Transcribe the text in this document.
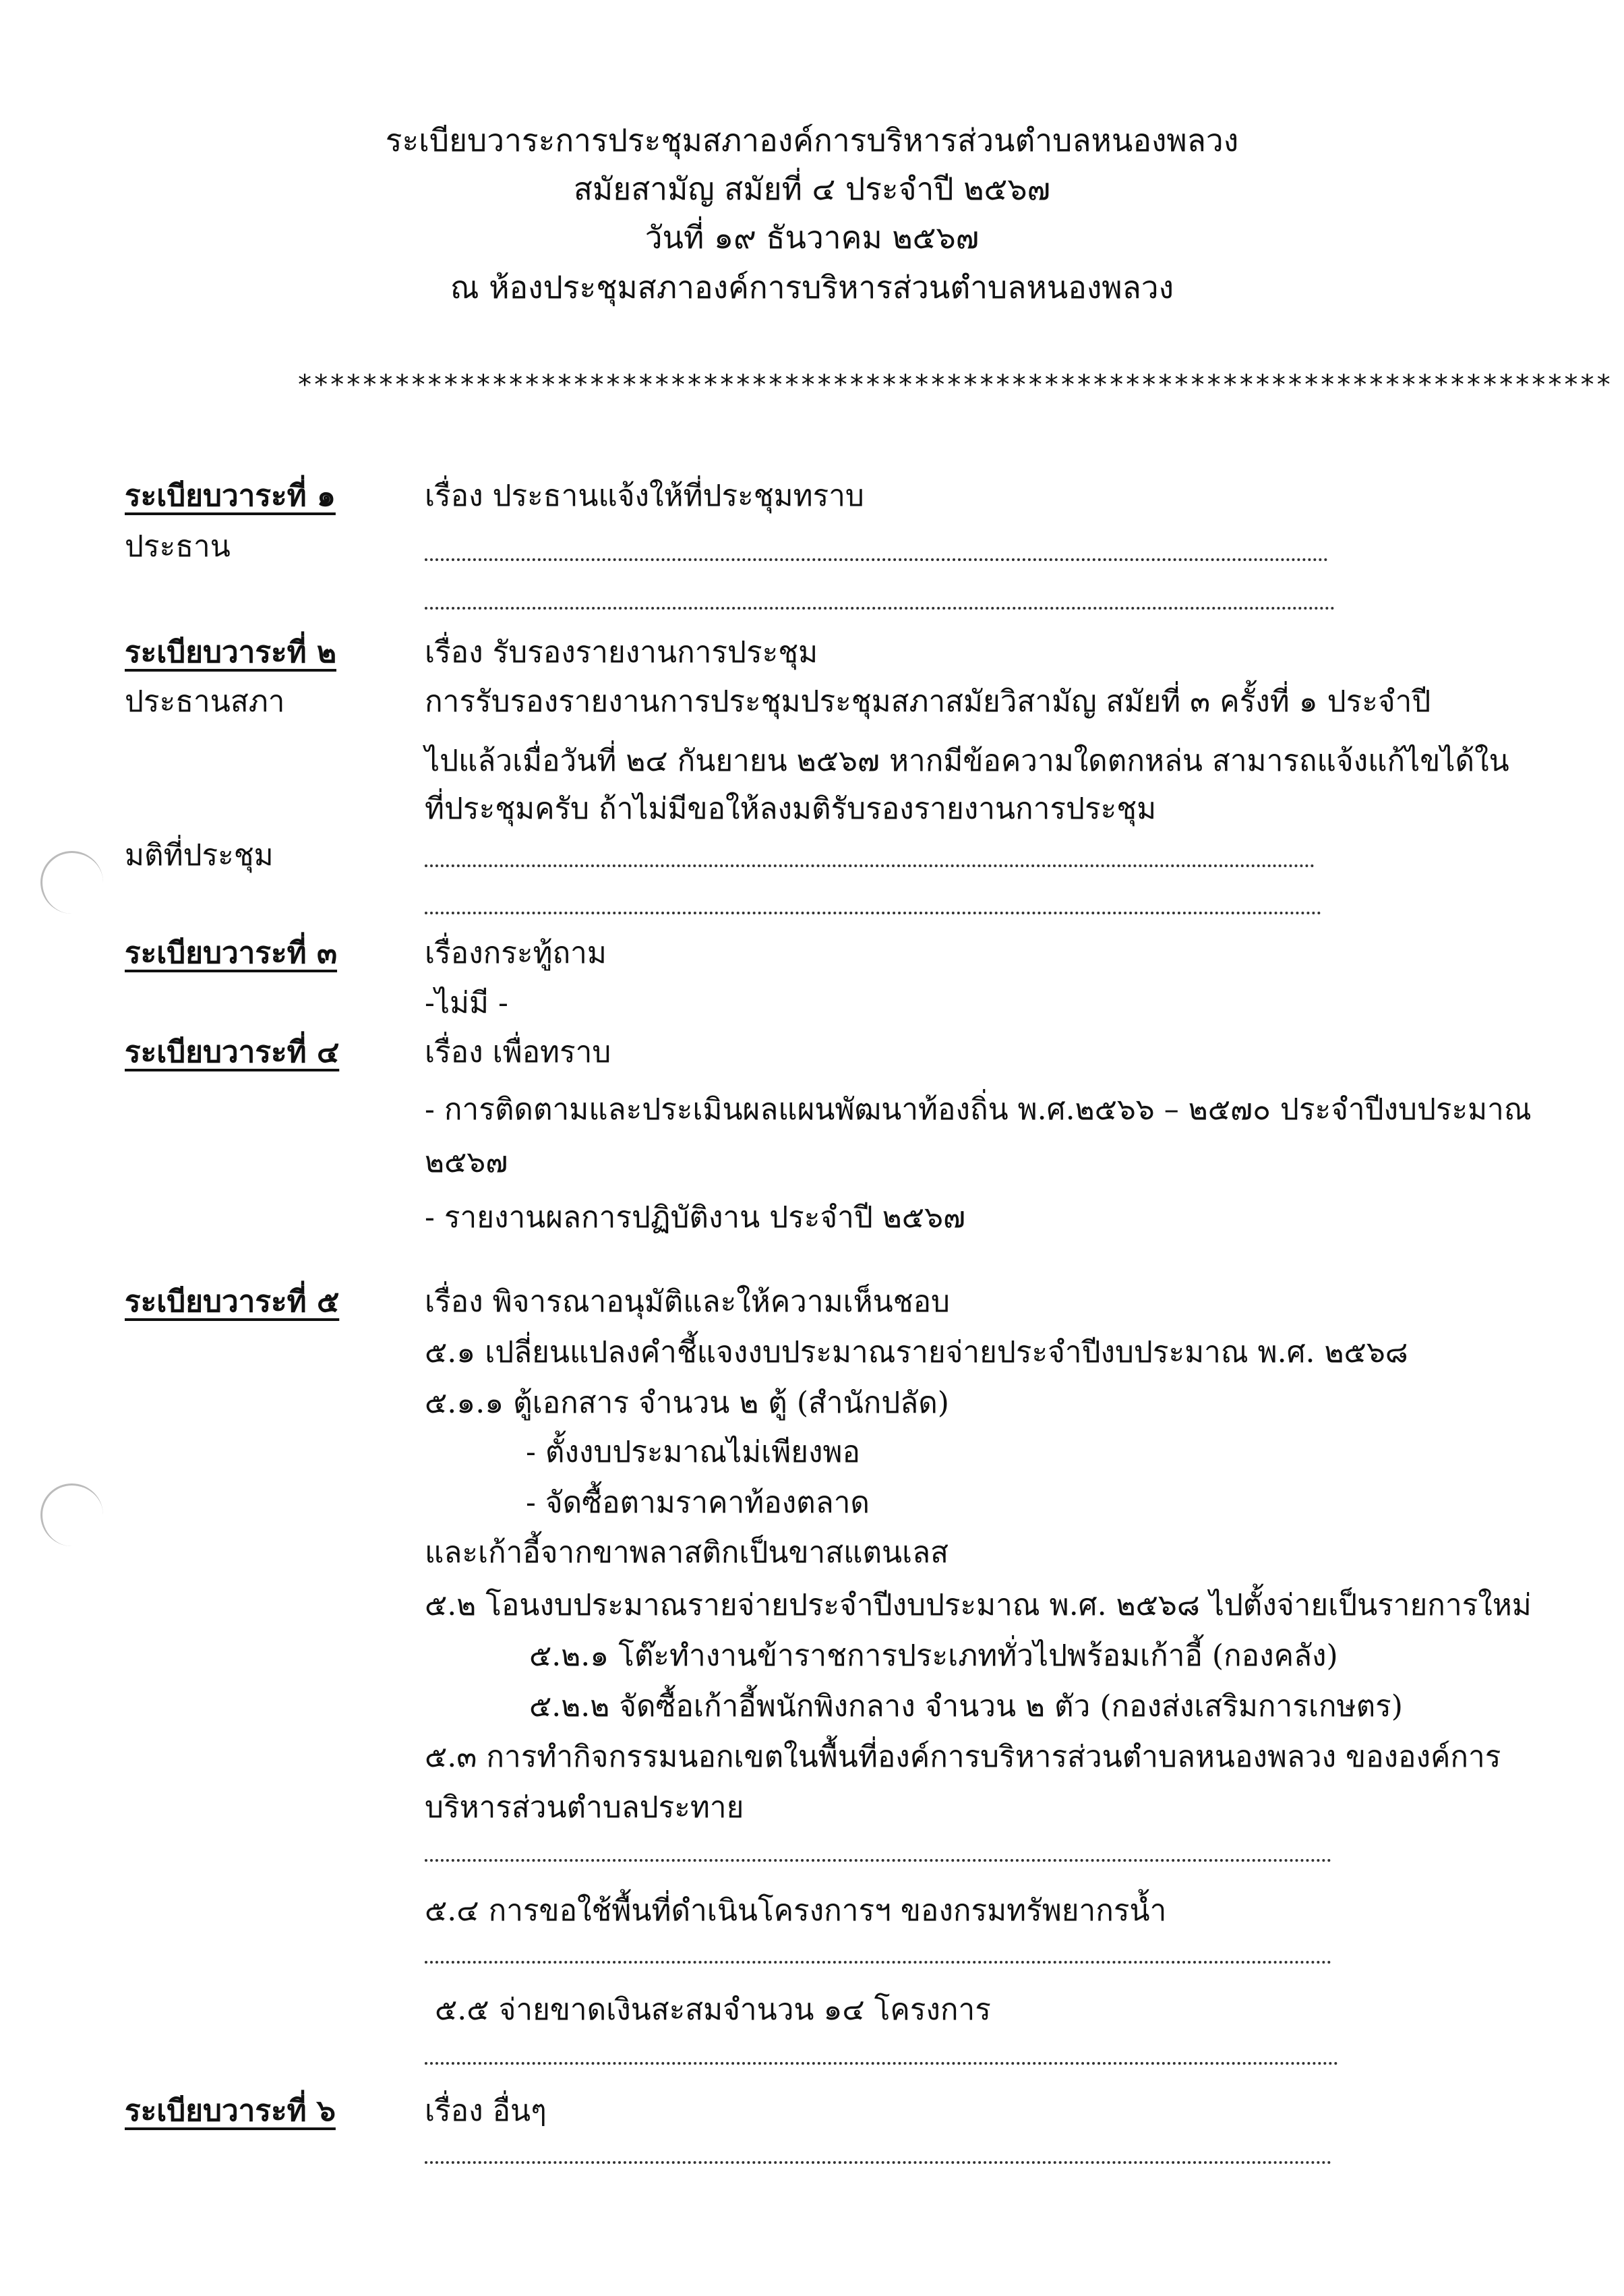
ระเบียบวาระการประชุมสภาองค์การบริหารส่วนตำบลหนองพลวง
สมัยสามัญ สมัยที่ ๔ ประจำปี ๒๕๖๗
วันที่ ๑๙ ธันวาคม ๒๕๖๗
ณ ห้องประชุมสภาองค์การบริหารส่วนตำบลหนองพลวง
*********************************************************************************
ระเบียบวาระที่ ๑	เรื่อง ประธานแจ้งให้ที่ประชุมทราบ
ประธาน
ระเบียบวาระที่ ๒	เรื่อง รับรองรายงานการประชุม
ประธานสภา	การรับรองรายงานการประชุมประชุมสภาสมัยวิสามัญ สมัยที่ ๓ ครั้งที่ ๑ ประจำปี
ไปแล้วเมื่อวันที่ ๒๔ กันยายน ๒๕๖๗ หากมีข้อความใดตกหล่น สามารถแจ้งแก้ไขได้ใน
ที่ประชุมครับ ถ้าไม่มีขอให้ลงมติรับรองรายงานการประชุม
มติที่ประชุม
ระเบียบวาระที่ ๓	เรื่องกระทู้ถาม
-ไม่มี -
ระเบียบวาระที่ ๔	เรื่อง เพื่อทราบ
- การติดตามและประเมินผลแผนพัฒนาท้องถิ่น พ.ศ.๒๕๖๖ – ๒๕๗๐ ประจำปีงบประมาณ
๒๕๖๗
- รายงานผลการปฏิบัติงาน ประจำปี ๒๕๖๗
ระเบียบวาระที่ ๕	เรื่อง พิจารณาอนุมัติและให้ความเห็นชอบ
๕.๑ เปลี่ยนแปลงคำชี้แจงงบประมาณรายจ่ายประจำปีงบประมาณ พ.ศ. ๒๕๖๘
๕.๑.๑ ตู้เอกสาร จำนวน ๒ ตู้ (สำนักปลัด)
- ตั้งงบประมาณไม่เพียงพอ
- จัดซื้อตามราคาท้องตลาด
และเก้าอี้จากขาพลาสติกเป็นขาสแตนเลส
๕.๒ โอนงบประมาณรายจ่ายประจำปีงบประมาณ พ.ศ. ๒๕๖๘ ไปตั้งจ่ายเป็นรายการใหม่
๕.๒.๑ โต๊ะทำงานข้าราชการประเภททั่วไปพร้อมเก้าอี้ (กองคลัง)
๕.๒.๒ จัดซื้อเก้าอี้พนักพิงกลาง จำนวน ๒ ตัว (กองส่งเสริมการเกษตร)
๕.๓ การทำกิจกรรมนอกเขตในพื้นที่องค์การบริหารส่วนตำบลหนองพลวง ขององค์การ
บริหารส่วนตำบลประทาย
๕.๔ การขอใช้พื้นที่ดำเนินโครงการฯ ของกรมทรัพยากรน้ำ
๕.๕ จ่ายขาดเงินสะสมจำนวน ๑๔ โครงการ
ระเบียบวาระที่ ๖	เรื่อง อื่นๆ
